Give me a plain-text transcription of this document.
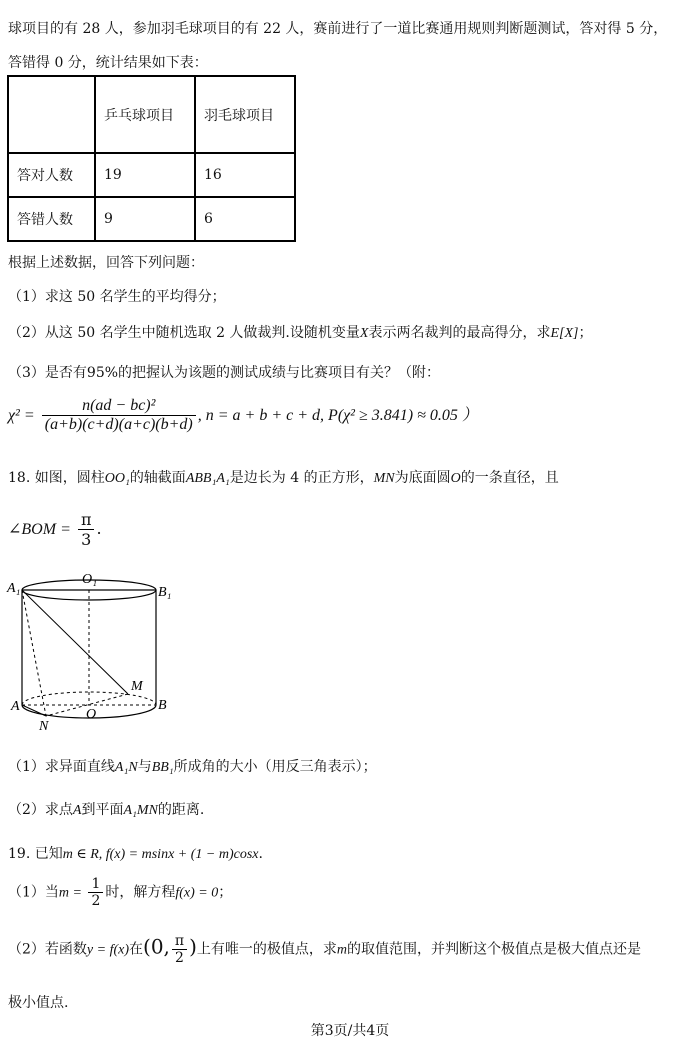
球项目的有 28 人，参加羽毛球项目的有 22 人，赛前进行了一道比赛通用规则判断题测试，答对得 5 分，
答错得 0 分，统计结果如下表：
	乒乓球项目	羽毛球项目
答对人数	19	16
答错人数	9	6
根据上述数据，回答下列问题：
（1）求这 50 名学生的平均得分；
（2）从这 50 名学生中随机选取 2 人做裁判.设随机变量X表示两名裁判的最高得分，求E[X]；
（3）是否有95%的把握认为该题的测试成绩与比赛项目有关？（附：
$\chi^2 = \frac{\text{n(ad − bc)²}}{(a+b)(c+d)(a+c)(b+d)}$ , n = a + b + c + d, P(χ² ≥ 3.841) ≈ 0.05 ）
18. 如图，圆柱OO₁的轴截面ABB₁A₁是边长为 4 的正方形，MN为底面圆O的一条直径，且
∠BOM = $\frac{\pi}{3}$ .
A₁
O₁
B₁
A
O
B
M
N
（1）求异面直线A₁N与BB₁所成角的大小（用反三角表示）；
（2）求点A到平面A₁MN的距离.
19. 已知m ∈ R, f(x) = msinx + (1 − m)cosx.
（1）当$m = \frac{1}{2}$ 时，解方程f(x) = 0；
（2）若函数y = f(x)在(0, $\frac{\pi}{2}$ )上有唯一的极值点，求m的取值范围，并判断这个极值点是极大值点还是
极小值点.
第3页/共4页
